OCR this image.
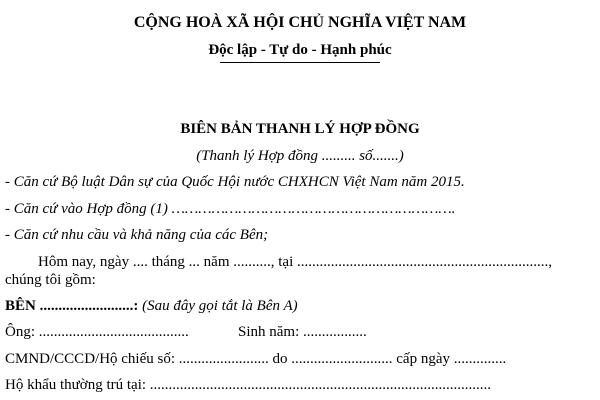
CỘNG HOÀ XÃ HỘI CHỦ NGHĨA VIỆT NAM
Độc lập - Tự do - Hạnh phúc
BIÊN BẢN THANH LÝ HỢP ĐỒNG
(Thanh lý Hợp đồng ......... số.......)
- Căn cứ Bộ luật Dân sự của Quốc Hội nước CHXHCN Việt Nam năm 2015.
- Căn cứ vào Hợp đồng (1) ……………………………………………………….
- Căn cứ nhu cầu và khả năng của các Bên;
Hôm nay, ngày .... tháng ... năm .........., tại ...................................................................,
chúng tôi gồm:
BÊN .........................: (Sau đây gọi tắt là Bên A)
Ông: ........................................	Sinh năm: .................
CMND/CCCD/Hộ chiếu số: ........................ do ........................... cấp ngày ..............
Hộ khẩu thường trú tại: ...........................................................................................
